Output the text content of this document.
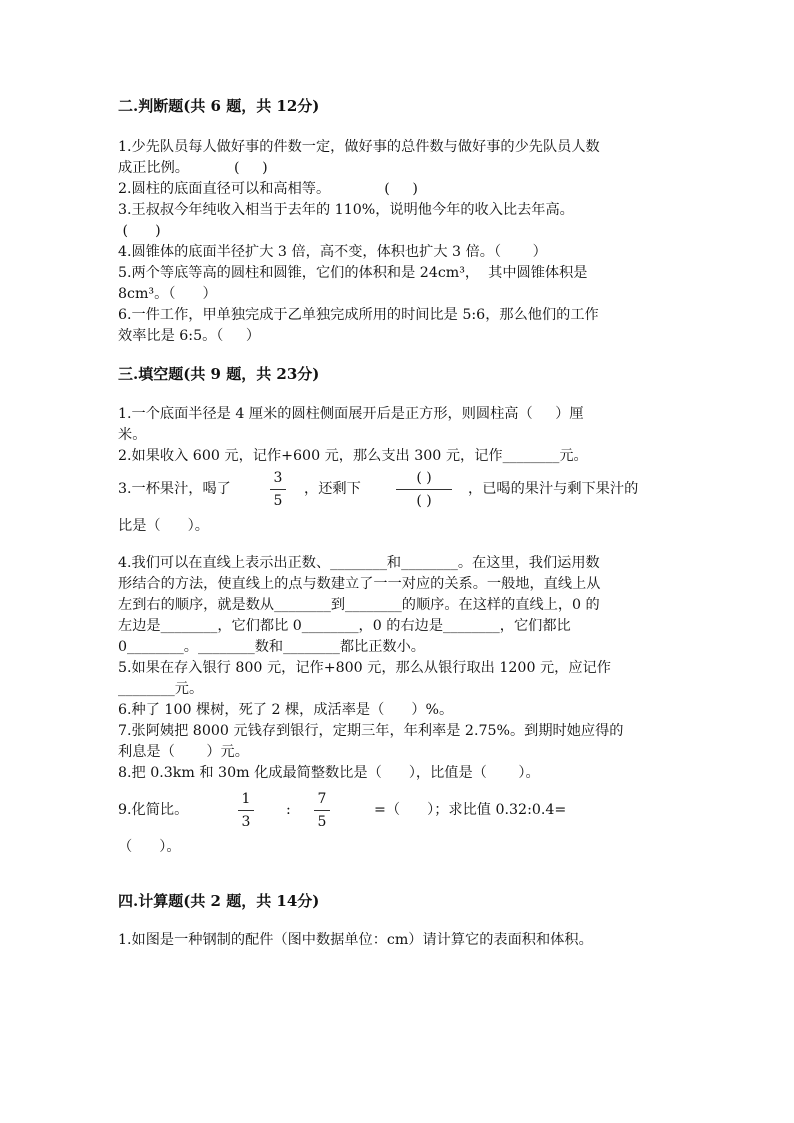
二.判断题(共 6 题，共 12分)
1.少先队员每人做好事的件数一定，做好事的总件数与做好事的少先队员人数
成正比例。          (     )
2.圆柱的底面直径可以和高相等。            (     )
3.王叔叔今年纯收入相当于去年的 110%，说明他今年的收入比去年高。
(      )
4.圆锥体的底面半径扩大 3 倍，高不变，体积也扩大 3 倍。（       ）
5.两个等底等高的圆柱和圆锥，它们的体积和是 24cm³，  其中圆锥体积是
8cm³。（      ）
6.一件工作，甲单独完成于乙单独完成所用的时间比是 5:6，那么他们的工作
效率比是 6:5。（     ）
三.填空题(共 9 题，共 23分)
1.一个底面半径是 4 厘米的圆柱侧面展开后是正方形，则圆柱高（     ）厘
米。
2.如果收入 600 元，记作+600 元，那么支出 300 元，记作________元。
3.一杯果汁，喝了
3
5
，还剩下
( )
( )
，已喝的果汁与剩下果汁的
比是（      ）。
4.我们可以在直线上表示出正数、________和________。在这里，我们运用数
形结合的方法，使直线上的点与数建立了一一对应的关系。一般地，直线上从
左到右的顺序，就是数从________到________的顺序。在这样的直线上，0 的
左边是________，它们都比 0________，0 的右边是________，它们都比
0________。________数和________都比正数小。
5.如果在存入银行 800 元，记作+800 元，那么从银行取出 1200 元，应记作
________元。
6.种了 100 棵树，死了 2 棵，成活率是（      ）%。
7.张阿姨把 8000 元钱存到银行，定期三年，年利率是 2.75%。到期时她应得的
利息是（       ）元。
8.把 0.3km 和 30m 化成最简整数比是（      ），比值是（       ）。
9.化简比。
1
3
:
7
5
=（      ）；求比值 0.32:0.4=
（      ）。
四.计算题(共 2 题，共 14分)
1.如图是一种钢制的配件（图中数据单位：cm）请计算它的表面积和体积。
